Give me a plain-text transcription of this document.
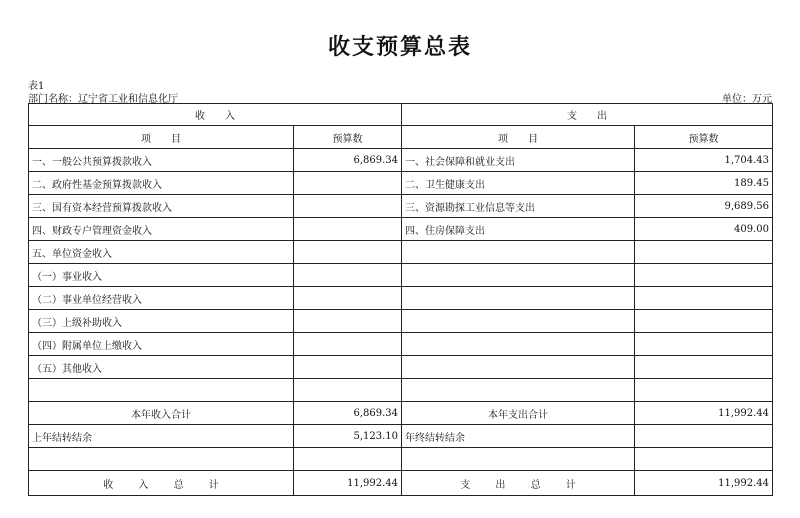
收支预算总表
表1
部门名称：辽宁省工业和信息化厅	单位：万元
收　　入		支　　出	
项　　目	预算数	项　　目	预算数
一、一般公共预算拨款收入	6,869.34	一、社会保障和就业支出	1,704.43
二、政府性基金预算拨款收入		二、卫生健康支出	189.45
三、国有资本经营预算拨款收入		三、资源勘探工业信息等支出	9,689.56
四、财政专户管理资金收入		四、住房保障支出	409.00
五、单位资金收入			
（一）事业收入			
（二）事业单位经营收入			
（三）上级补助收入			
（四）附属单位上缴收入			
（五）其他收入			

本年收入合计	6,869.34	本年支出合计	11,992.44
上年结转结余	5,123.10	年终结转结余	

收 入 总 计	11,992.44	支 出 总 计	11,992.44
